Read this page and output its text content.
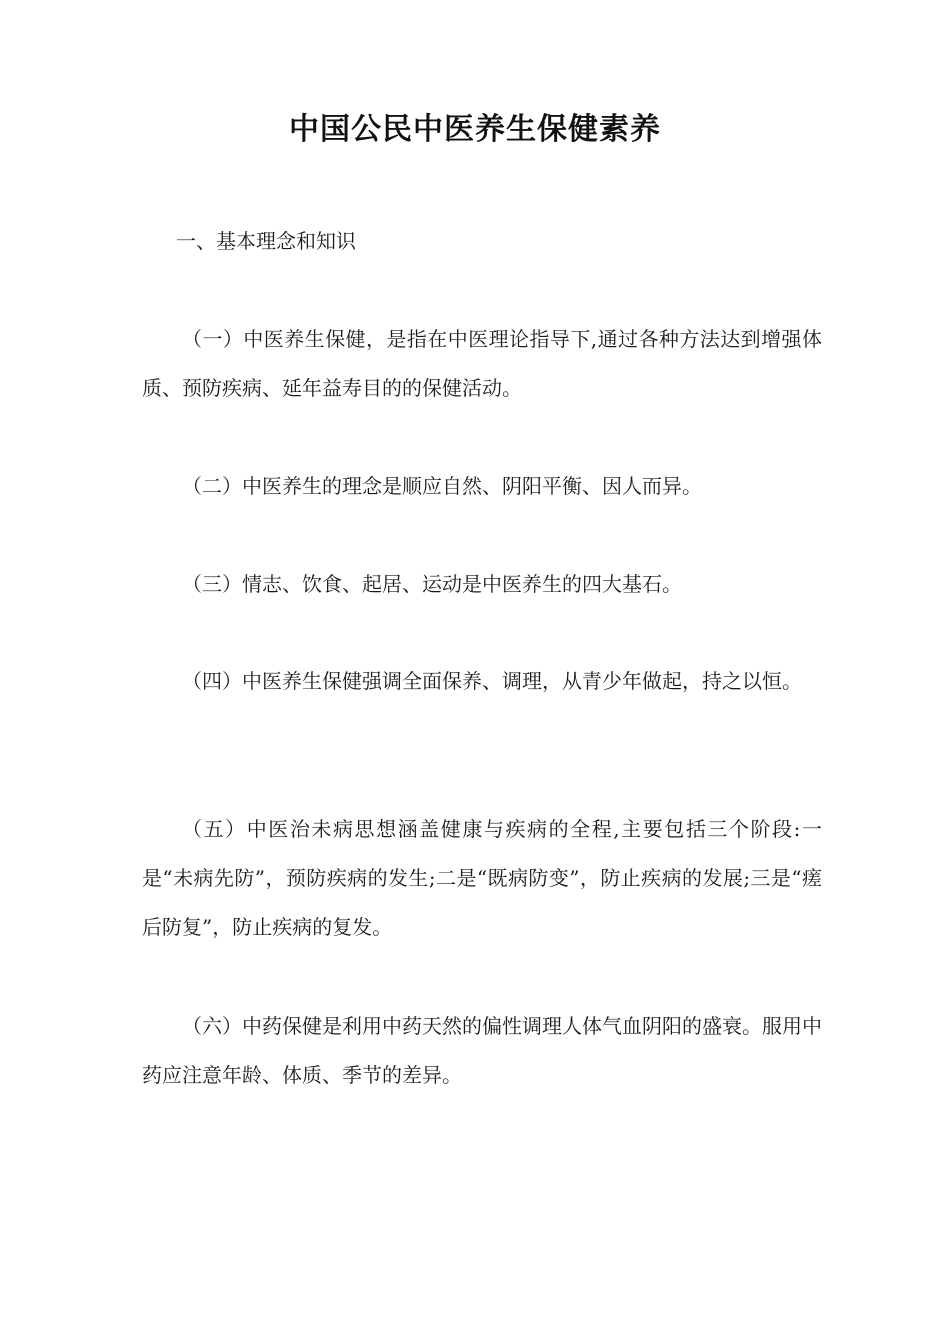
中国公民中医养生保健素养

一、基本理念和知识

（一）中医养生保健，是指在中医理论指导下,通过各种方法达到增强体质、预防疾病、延年益寿目的的保健活动。

（二）中医养生的理念是顺应自然、阴阳平衡、因人而异。

（三）情志、饮食、起居、运动是中医养生的四大基石。

（四）中医养生保健强调全面保养、调理，从青少年做起，持之以恒。

（五）中医治未病思想涵盖健康与疾病的全程,主要包括三个阶段:一是“未病先防”，预防疾病的发生;二是“既病防变”，防止疾病的发展;三是“瘥后防复”，防止疾病的复发。

（六）中药保健是利用中药天然的偏性调理人体气血阴阳的盛衰。服用中药应注意年龄、体质、季节的差异。
